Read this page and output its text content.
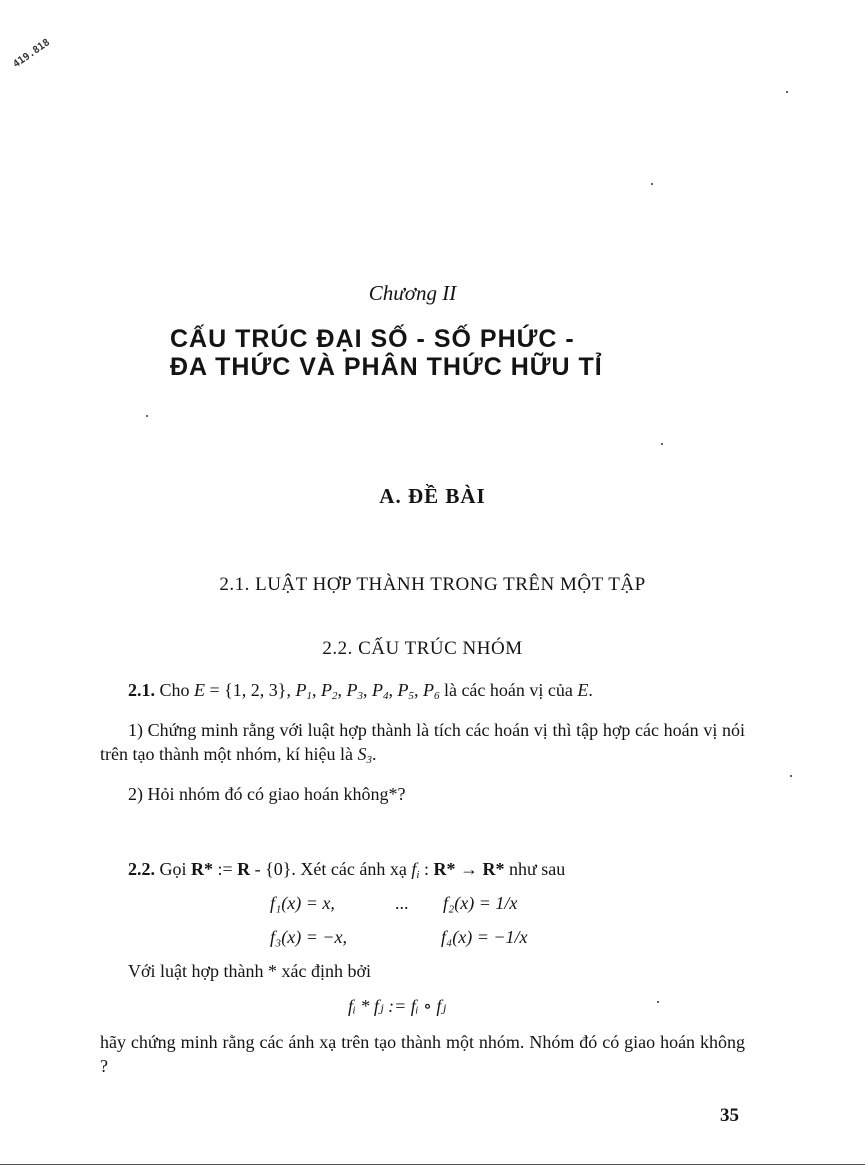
419.818
Chương II
CẤU TRÚC ĐẠI SỐ - SỐ PHỨC -
ĐA THỨC VÀ PHÂN THỨC HỮU TỈ
A. ĐỀ BÀI
2.1. LUẬT HỢP THÀNH TRONG TRÊN MỘT TẬP
2.2. CẤU TRÚC NHÓM

2.1. Cho E = {1, 2, 3}, $P_1$, $P_2$, $P_3$, $P_4$, $P_5$, $P_6$ là các hoán vị của E.

1) Chứng minh rằng với luật hợp thành là tích các hoán vị thì tập hợp các hoán vị nói trên tạo thành một nhóm, kí hiệu là $S_3$.

2) Hỏi nhóm đó có giao hoán không*?

2.2. Gọi R* := R - {0}. Xét các ánh xạ $f_i$ : R* → R* như sau

f₁(x) = x,	... f₂(x) = 1/x
f₃(x) = −x,	f₄(x) = −1/x

Với luật hợp thành * xác định bởi

fᵢ * fⱼ := fᵢ ∘ fⱼ

hãy chứng minh rằng các ánh xạ trên tạo thành một nhóm. Nhóm đó có giao hoán không ?

35
